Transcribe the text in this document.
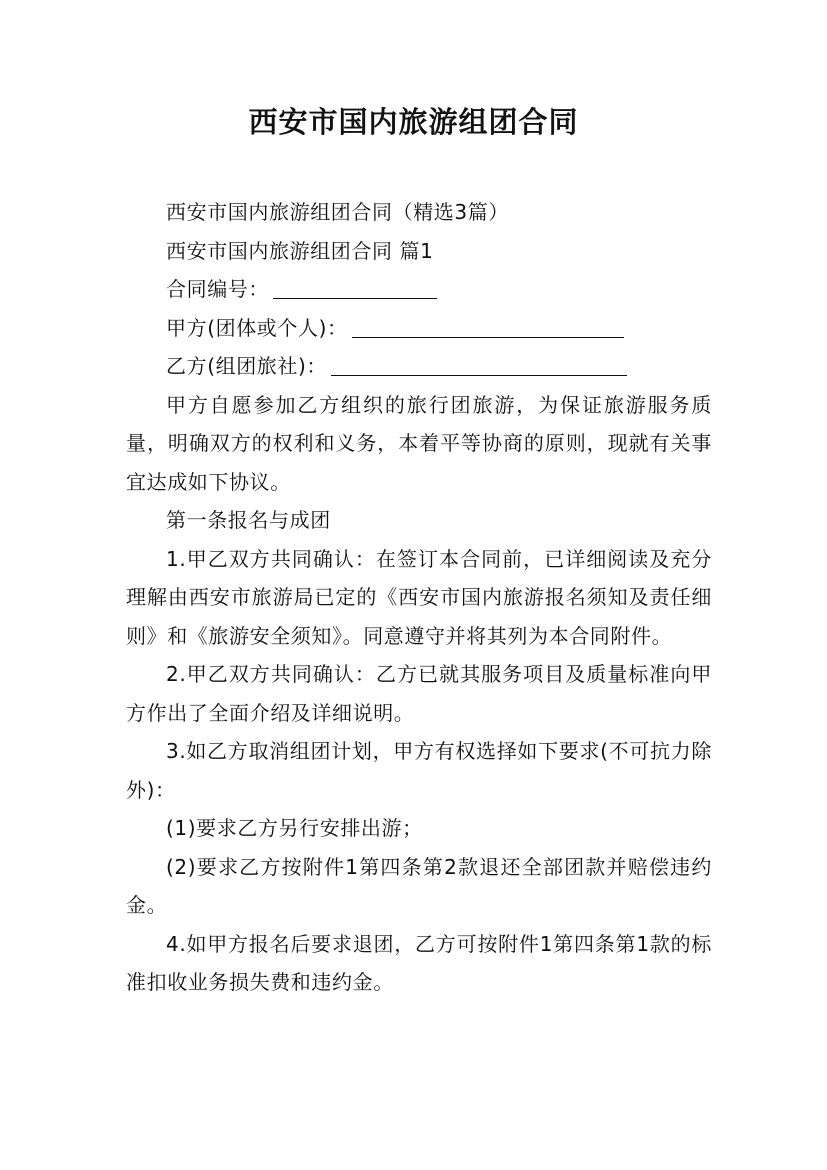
西安市国内旅游组团合同

西安市国内旅游组团合同（精选3篇）

西安市国内旅游组团合同 篇1

合同编号：

甲方(团体或个人)：

乙方(组团旅社)：

甲方自愿参加乙方组织的旅行团旅游，为保证旅游服务质量，明确双方的权利和义务，本着平等协商的原则，现就有关事宜达成如下协议。

第一条报名与成团

1.甲乙双方共同确认：在签订本合同前，已详细阅读及充分理解由西安市旅游局已定的《西安市国内旅游报名须知及责任细则》和《旅游安全须知》。同意遵守并将其列为本合同附件。

2.甲乙双方共同确认：乙方已就其服务项目及质量标准向甲方作出了全面介绍及详细说明。

3.如乙方取消组团计划，甲方有权选择如下要求(不可抗力除外)：

(1)要求乙方另行安排出游；

(2)要求乙方按附件1第四条第2款退还全部团款并赔偿违约金。

4.如甲方报名后要求退团，乙方可按附件1第四条第1款的标准扣收业务损失费和违约金。
